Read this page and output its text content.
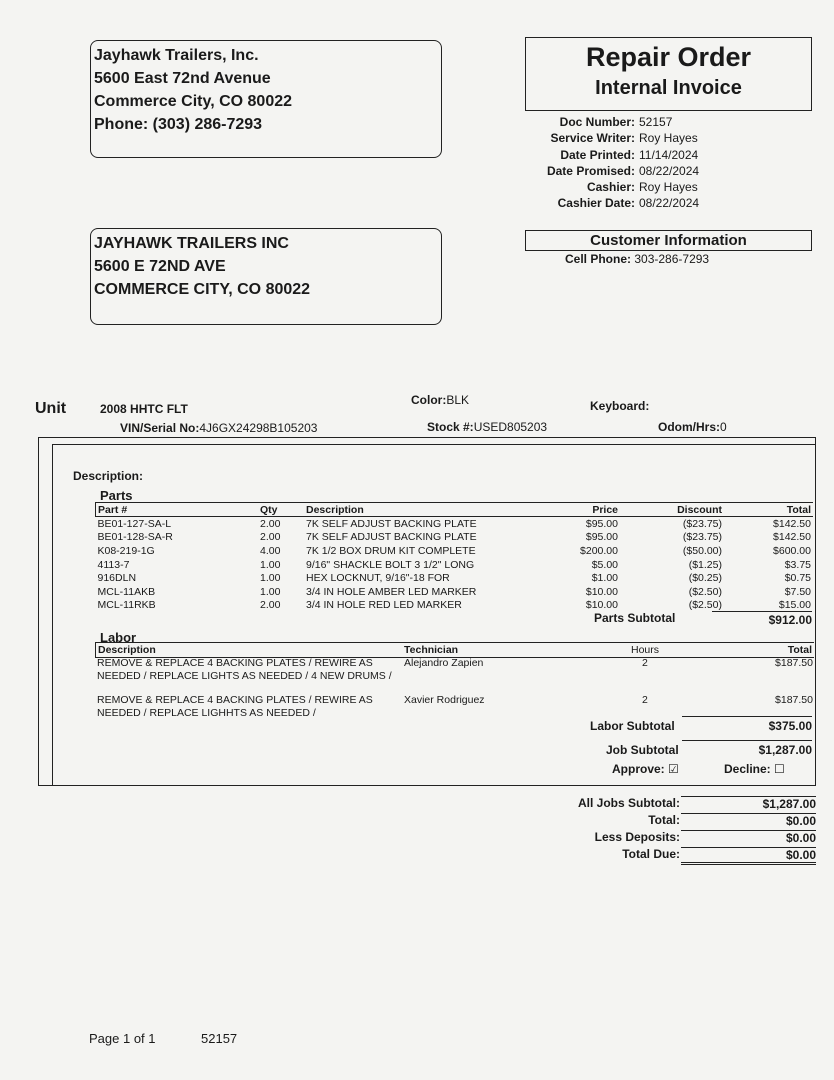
Jayhawk Trailers, Inc.
5600 East 72nd Avenue
Commerce City, CO 80022
Phone: (303) 286-7293
Repair Order
Internal Invoice
Doc Number: 52157
Service Writer: Roy Hayes
Date Printed: 11/14/2024
Date Promised: 08/22/2024
Cashier: Roy Hayes
Cashier Date: 08/22/2024
JAYHAWK TRAILERS INC
5600 E 72ND AVE
COMMERCE CITY, CO 80022
Customer Information
Cell Phone: 303-286-7293
Unit	2008 HHTC FLT
Color:BLK	Keyboard:
VIN/Serial No:4J6GX24298B105203	Stock #:USED805203	Odom/Hrs:0
Description:
Parts
Part #	Qty	Description	Price	Discount	Total
BE01-127-SA-L	2.00	7K SELF ADJUST BACKING PLATE	$95.00	($23.75)	$142.50
BE01-128-SA-R	2.00	7K SELF ADJUST BACKING PLATE	$95.00	($23.75)	$142.50
K08-219-1G	4.00	7K 1/2 BOX DRUM KIT COMPLETE	$200.00	($50.00)	$600.00
4113-7	1.00	9/16" SHACKLE BOLT 3 1/2" LONG	$5.00	($1.25)	$3.75
916DLN	1.00	HEX LOCKNUT, 9/16"-18 FOR	$1.00	($0.25)	$0.75
MCL-11AKB	1.00	3/4 IN HOLE AMBER LED MARKER	$10.00	($2.50)	$7.50
MCL-11RKB	2.00	3/4 IN HOLE RED LED MARKER	$10.00	($2.50)	$15.00
Parts Subtotal	$912.00
Labor
Description	Technician	Hours	Total
REMOVE & REPLACE 4 BACKING PLATES / REWIRE AS
NEEDED / REPLACE LIGHTS AS NEEDED / 4 NEW DRUMS /
Alejandro Zapien	2	$187.50
REMOVE & REPLACE 4 BACKING PLATES / REWIRE AS
NEEDED / REPLACE LIGHHTS AS NEEDED /
Xavier Rodriguez	2	$187.50
Labor Subtotal	$375.00
Job Subtotal	$1,287.00
Approve: ☑	Decline: ☐
All Jobs Subtotal:	$1,287.00
Total:	$0.00
Less Deposits:	$0.00
Total Due:	$0.00
Page 1 of 1	52157
